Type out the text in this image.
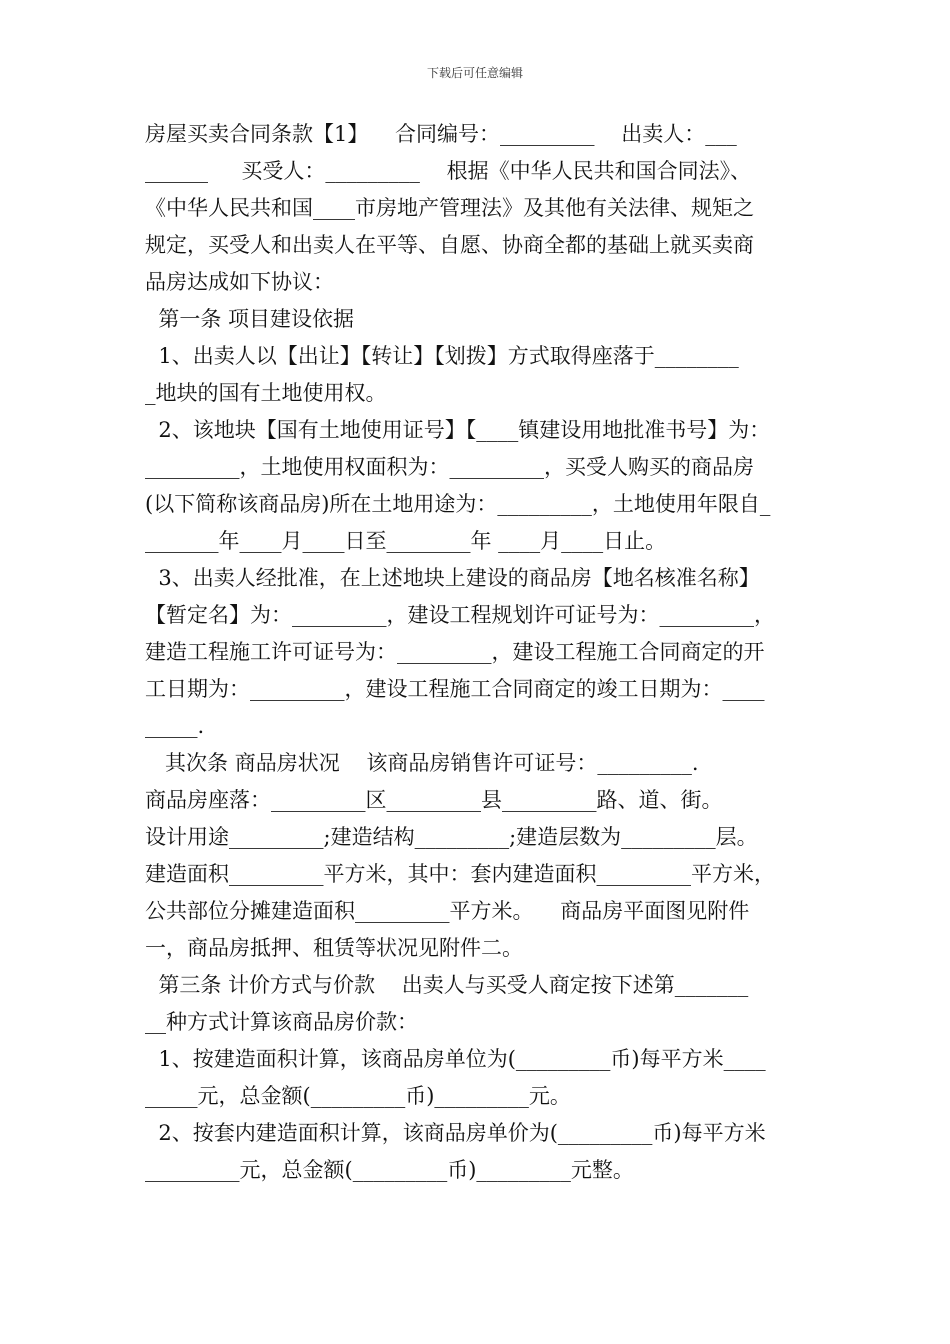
下载后可任意编辑
房屋买卖合同条款【1】    合同编号：_________    出卖人：___
______     买受人：_________    根据《中华人民共和国合同法》、
《中华人民共和国____市房地产管理法》及其他有关法律、规矩之
规定，买受人和出卖人在平等、自愿、协商全都的基础上就买卖商
品房达成如下协议：
第一条 项目建设依据
1、出卖人以【出让】【转让】【划拨】方式取得座落于________
_地块的国有土地使用权。
2、该地块【国有土地使用证号】【____镇建设用地批准书号】为：
_________，土地使用权面积为：_________，买受人购买的商品房
(以下简称该商品房)所在土地用途为：_________，土地使用年限自_
_______年____月____日至________年 ____月____日止。
3、出卖人经批准，在上述地块上建设的商品房【地名核准名称】
【暂定名】为：_________，建设工程规划许可证号为：_________，
建造工程施工许可证号为：_________，建设工程施工合同商定的开
工日期为：_________，建设工程施工合同商定的竣工日期为：____
_____.
其次条 商品房状况    该商品房销售许可证号：_________.
商品房座落：_________区_________县_________路、道、街。
设计用途_________;建造结构_________;建造层数为_________层。
建造面积_________平方米，其中：套内建造面积_________平方米，
公共部位分摊建造面积_________平方米。    商品房平面图见附件
一，商品房抵押、租赁等状况见附件二。
第三条 计价方式与价款    出卖人与买受人商定按下述第_______
__种方式计算该商品房价款：
1、按建造面积计算，该商品房单位为(_________币)每平方米____
_____元，总金额(_________币)_________元。
2、按套内建造面积计算，该商品房单价为(_________币)每平方米
_________元，总金额(_________币)_________元整。
